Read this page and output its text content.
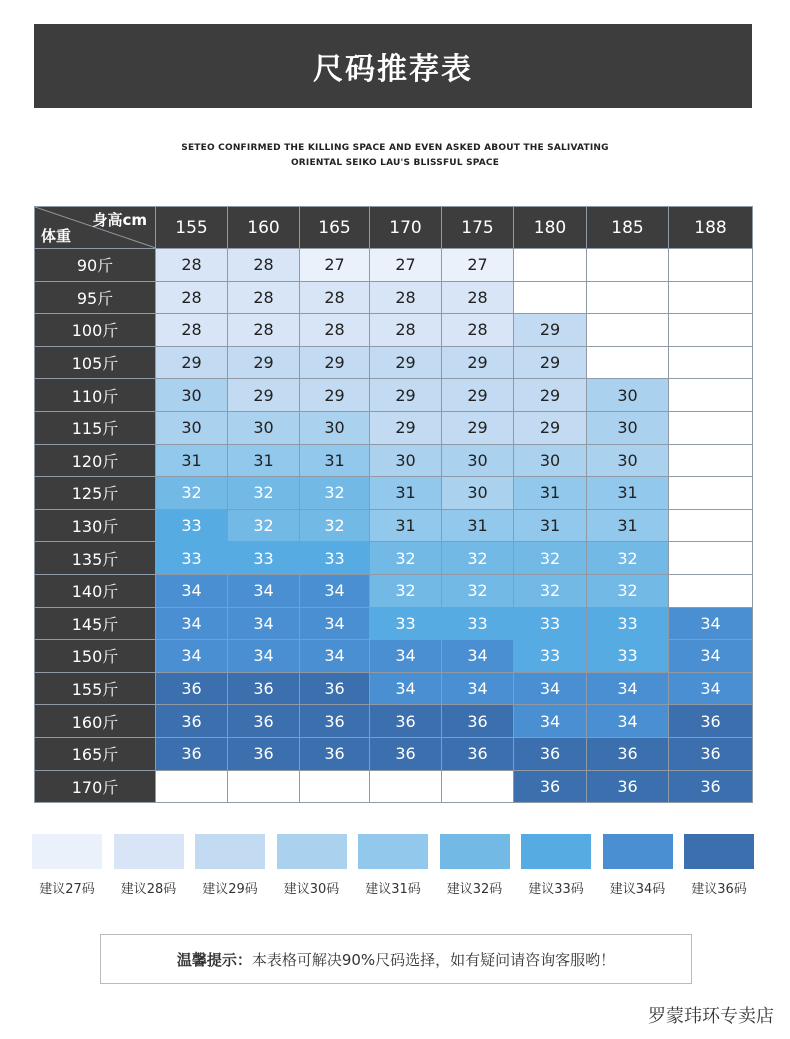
尺码推荐表
SETEO CONFIRMED THE KILLING SPACE AND EVEN ASKED ABOUT THE SALIVATING
ORIENTAL SEIKO LAU'S BLISSFUL SPACE
身高cm
体重	155	160	165	170	175	180	185	188
90斤	28	28	27	27	27			
95斤	28	28	28	28	28			
100斤	28	28	28	28	28	29		
105斤	29	29	29	29	29	29		
110斤	30	29	29	29	29	29	30	
115斤	30	30	30	29	29	29	30	
120斤	31	31	31	30	30	30	30	
125斤	32	32	32	31	30	31	31	
130斤	33	32	32	31	31	31	31	
135斤	33	33	33	32	32	32	32	
140斤	34	34	34	32	32	32	32	
145斤	34	34	34	33	33	33	33	34
150斤	34	34	34	34	34	33	33	34
155斤	36	36	36	34	34	34	34	34
160斤	36	36	36	36	36	34	34	36
165斤	36	36	36	36	36	36	36	36
170斤						36	36	36
建议27码 建议28码 建议29码 建议30码 建议31码 建议32码 建议33码 建议34码 建议36码
温馨提示： 本表格可解决90%尺码选择，如有疑问请咨询客服哟！
罗蒙玮环专卖店
